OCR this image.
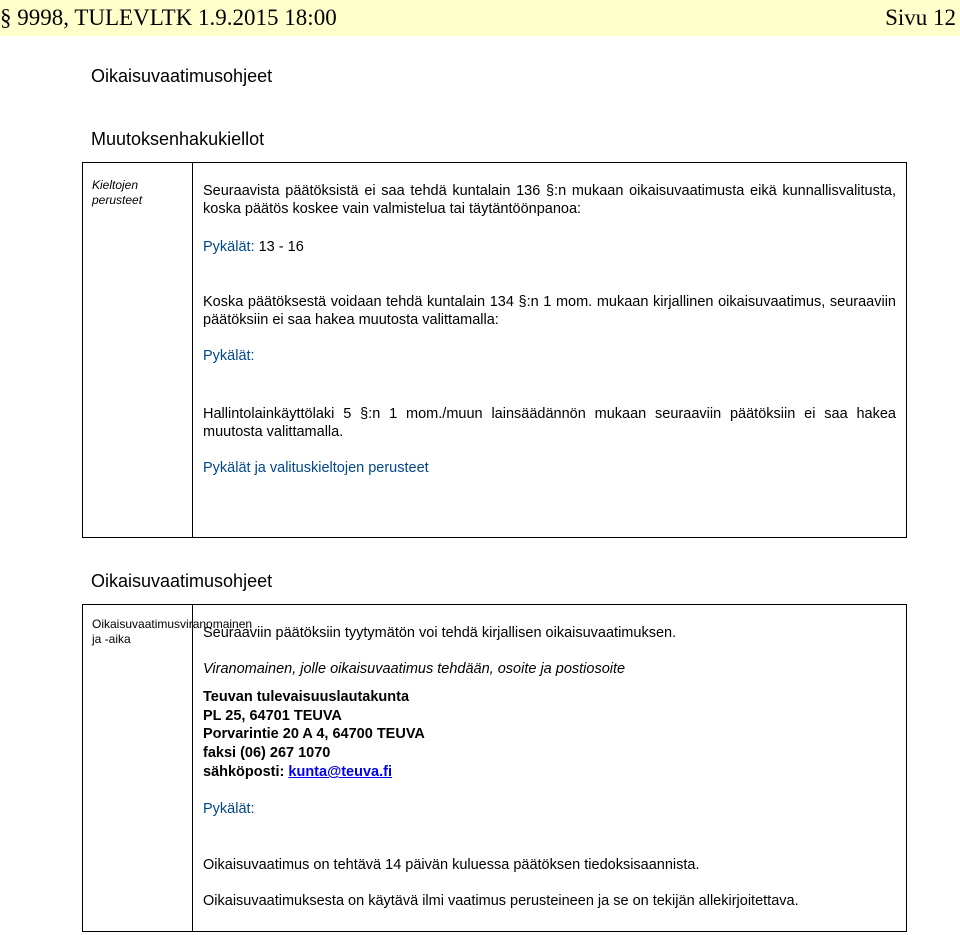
§ 9998, TULEVLTK 1.9.2015 18:00	Sivu 12
Oikaisuvaatimusohjeet
Muutoksenhakukiellot
Kieltojen perusteet
Seuraavista päätöksistä ei saa tehdä kuntalain 136 §:n mukaan oikaisuvaatimusta eikä kunnallisvalitusta, koska päätös koskee vain valmistelua tai täytäntöönpanoa:
Pykälät: 13 - 16
Koska päätöksestä voidaan tehdä kuntalain 134 §:n 1 mom. mukaan kirjallinen oikaisuvaatimus, seuraaviin päätöksiin ei saa hakea muutosta valittamalla:
Pykälät:
Hallintolainkäyttölaki 5 §:n 1 mom./muun lainsäädännön mukaan seuraaviin päätöksiin ei saa hakea muutosta valittamalla.
Pykälät ja valituskieltojen perusteet
Oikaisuvaatimusohjeet
Oikaisuvaatimusviranomainen ja -aika	Seuraaviin päätöksiin tyytymätön voi tehdä kirjallisen oikaisuvaatimuksen.
Viranomainen, jolle oikaisuvaatimus tehdään, osoite ja postiosoite
Teuvan tulevaisuuslautakunta
PL 25, 64701 TEUVA
Porvarintie 20 A 4, 64700 TEUVA
faksi (06) 267 1070
sähköposti: kunta@teuva.fi
Pykälät:
Oikaisuvaatimus on tehtävä 14 päivän kuluessa päätöksen tiedoksisaannista.
Oikaisuvaatimuksesta on käytävä ilmi vaatimus perusteineen ja se on tekijän allekirjoitettava.
